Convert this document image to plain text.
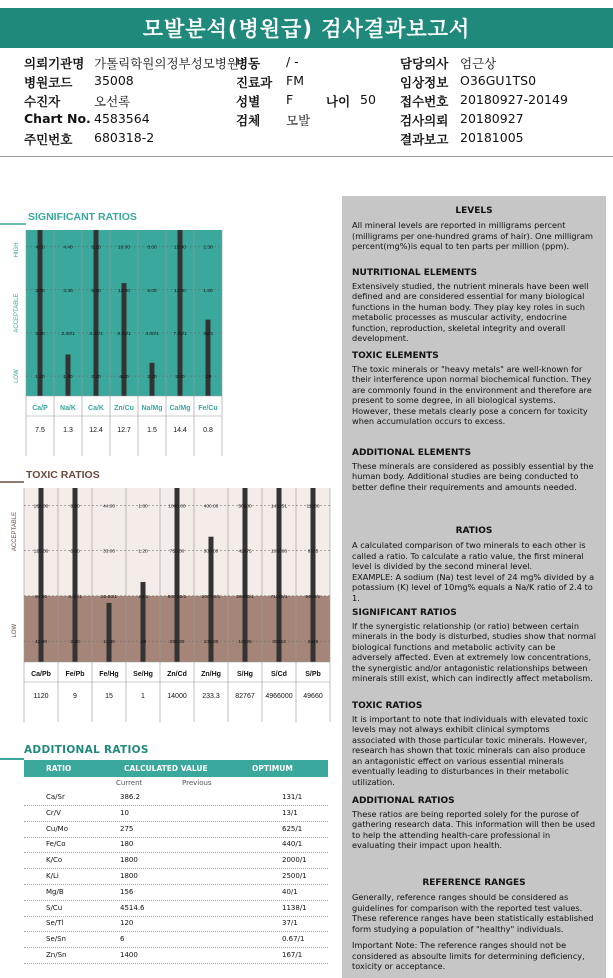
모발분석(병원급) 검사결과보고서
의뢰기관명 가톨릭학원의정부성모병원
병동 / -	담당의사 엄근상
병원코드 35008	진료과 FM	임상정보 O36GU1TS0
수진자	오선록	성별 F	나이 50 접수번호 20180927-20149
Chart No. 4583564	검체 모발	검사의뢰 20180927
주민번호 680318-2	결과보고 20181005
SIGNIFICANT RATIOS
HIGH
ACCEPTABLE
LOW
4.00
3.00
2.60
1.60
Ca/P
7.5
4.40
3.40
2.40/1
1.40
Na/K
1.3
8.20
6.20
4.20/1
2.20
Ca/K
12.4
16.00
12.00
8.00/1
4.00
Zn/Cu
12.7
8.00
6.00
4.00/1
2.00
Na/Mg
1.5
15.00
11.00
7.00/1
3.00
Ca/Mg
14.4
2.30
1.60
.90/1
.20
Fe/Cu
0.8
TOXIC RATIOS
ACCEPTABLE
LOW
168.00
126.00
84.00
42.00
Ca/Pb
1120
8.80
6.60
4.40/1
2.20
Fe/Pb
9
44.00
33.00
22.00/1
11.00
Fe/Hg
15
1.60
1.20
.80/1
.40
Se/Hg
1
1000.00
750.00
500.00/1
250.00
Zn/Cd
14000
400.00
300.00
200.00/1
100.00
Zn/Hg
233.3
56900
42675
28450/1
14225
S/Hg
82767
142251
106688
71125/1
35563
S/Cd
4966000
11380
8535
5690/1
2845
S/Pb
49660
ADDITIONAL RATIOS
RATIO	CALCULATED VALUE	OPTIMUM
Current	Previous
Ca/Sr	386.2	131/1
Cr/V	10	13/1
Cu/Mo	275	625/1
Fe/Co	180	440/1
K/Co	1800	2000/1
K/Li	1800	2500/1
Mg/B	156	40/1
S/Cu	4514.6	1138/1
Se/Tl	120	37/1
Se/Sn	6	0.67/1
Zn/Sn	1400	167/1
LEVELS
All mineral levels are reported in milligrams percent (milligrams per one-hundred grams of hair). One milligram percent(mg%)is equal to ten parts per million (ppm).
NUTRITIONAL ELEMENTS
Extensively studied, the nutrient minerals have been well defined and are considered essential for many biological functions in the human body. They play key roles in such metabolic processes as muscular activity, endocrine function, reproduction, skeletal integrity and overall development.
TOXIC ELEMENTS
The toxic minerals or "heavy metals" are well-known for their interference upon normal biochemical function. They are commonly found in the environment and therefore are present to some degree, in all biological systems. However, these metals clearly pose a concern for toxicity when accumulation occurs to excess.
ADDITIONAL ELEMENTS
These minerals are considered as possibly essential by the human body. Additional studies are being conducted to better define their requirements and amounts needed.
RATIOS
A calculated comparison of two minerals to each other is called a ratio. To calculate a ratio value, the first mineral level is divided by the second mineral level.
EXAMPLE: A sodium (Na) test level of 24 mg% divided by a potassium (K) level of 10mg% equals a Na/K ratio of 2.4 to 1.
SIGNIFICANT RATIOS
If the synergistic relationship (or ratio) between certain minerals in the body is disturbed, studies show that normal biological functions and metabolic activity can be adversely affected. Even at extremely low concentrations, the synergistic and/or antagonistic relationships between minerals still exist, which can indirectly affect metabolism.
TOXIC RATIOS
It is important to note that individuals with elevated toxic levels may not always exhibit clinical symptoms associated with those particular toxic minerals. However, research has shown that toxic minerals can also produce an antagonistic effect on various essential minerals eventually leading to disturbances in their metabolic utilization.
ADDITIONAL RATIOS
These ratios are being reported solely for the purose of gathering research data. This information will then be used to help the attending health-care professional in evaluating their impact upon health.
REFERENCE RANGES
Generally, reference ranges should be considered as guidelines for comparison with the reported test values. These reference ranges have been statistically established form studying a population of "healthy" individuals.
Important Note: The reference ranges should not be considered as absoulte limits for determining deficiency, toxicity or acceptance.
